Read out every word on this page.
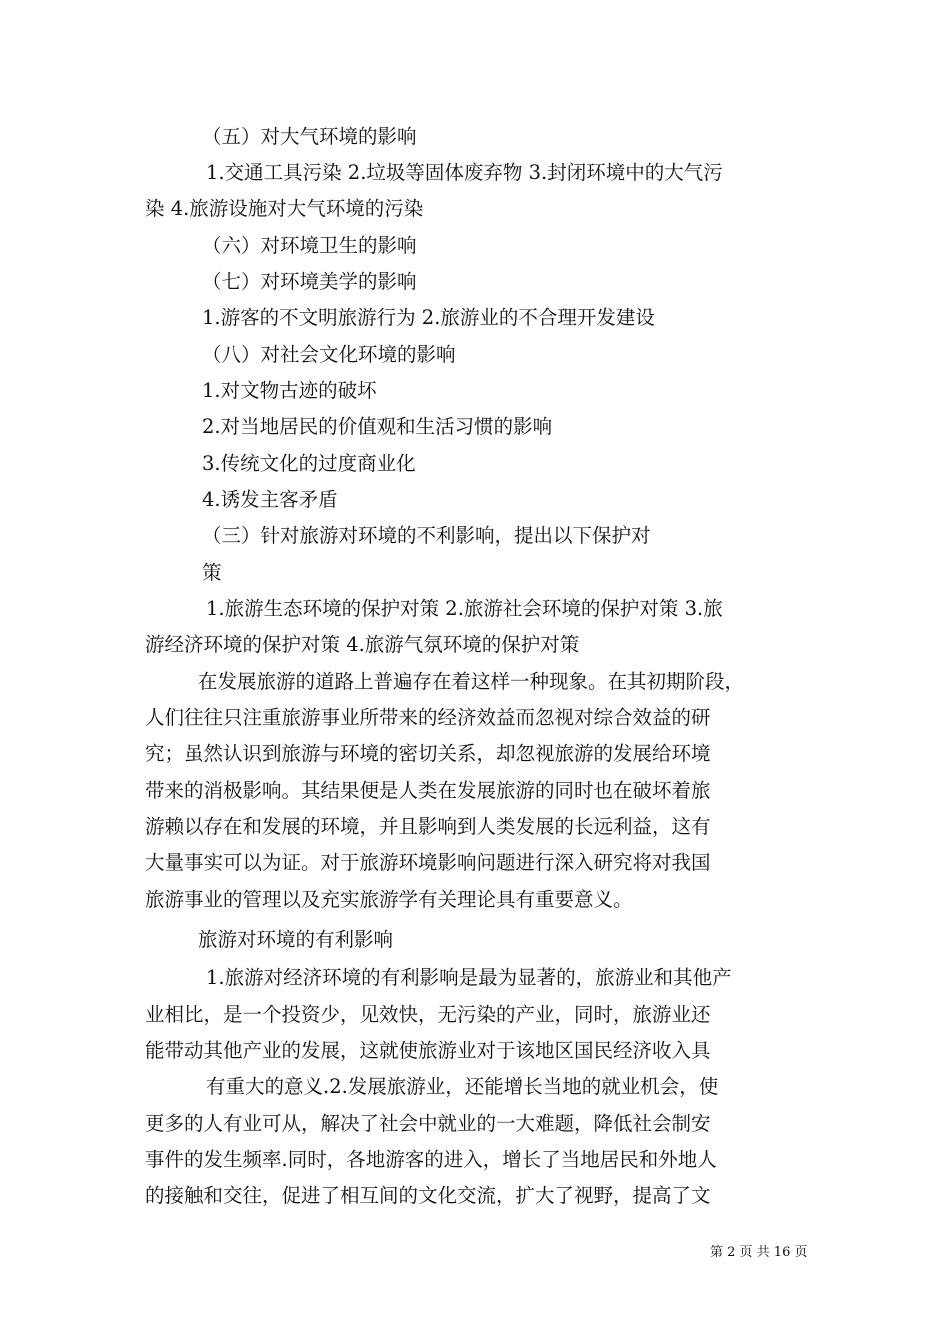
（五）对大气环境的影响
1.交通工具污染 2.垃圾等固体废弃物 3.封闭环境中的大气污
染 4.旅游设施对大气环境的污染
（六）对环境卫生的影响
（七）对环境美学的影响
1.游客的不文明旅游行为 2.旅游业的不合理开发建设
（八）对社会文化环境的影响
1.对文物古迹的破坏
2.对当地居民的价值观和生活习惯的影响
3.传统文化的过度商业化
4.诱发主客矛盾
（三）针对旅游对环境的不利影响，提出以下保护对
策
1.旅游生态环境的保护对策 2.旅游社会环境的保护对策 3.旅
游经济环境的保护对策 4.旅游气氛环境的保护对策
在发展旅游的道路上普遍存在着这样一种现象。在其初期阶段，
人们往往只注重旅游事业所带来的经济效益而忽视对综合效益的研
究；虽然认识到旅游与环境的密切关系，却忽视旅游的发展给环境
带来的消极影响。其结果便是人类在发展旅游的同时也在破坏着旅
游赖以存在和发展的环境，并且影响到人类发展的长远利益，这有
大量事实可以为证。对于旅游环境影响问题进行深入研究将对我国
旅游事业的管理以及充实旅游学有关理论具有重要意义。
旅游对环境的有利影响
1.旅游对经济环境的有利影响是最为显著的，旅游业和其他产
业相比，是一个投资少，见效快，无污染的产业，同时，旅游业还
能带动其他产业的发展，这就使旅游业对于该地区国民经济收入具
有重大的意义.2.发展旅游业，还能增长当地的就业机会，使
更多的人有业可从，解决了社会中就业的一大难题，降低社会制安
事件的发生频率.同时，各地游客的进入，增长了当地居民和外地人
的接触和交往，促进了相互间的文化交流，扩大了视野，提高了文
第 2 页 共 16 页
